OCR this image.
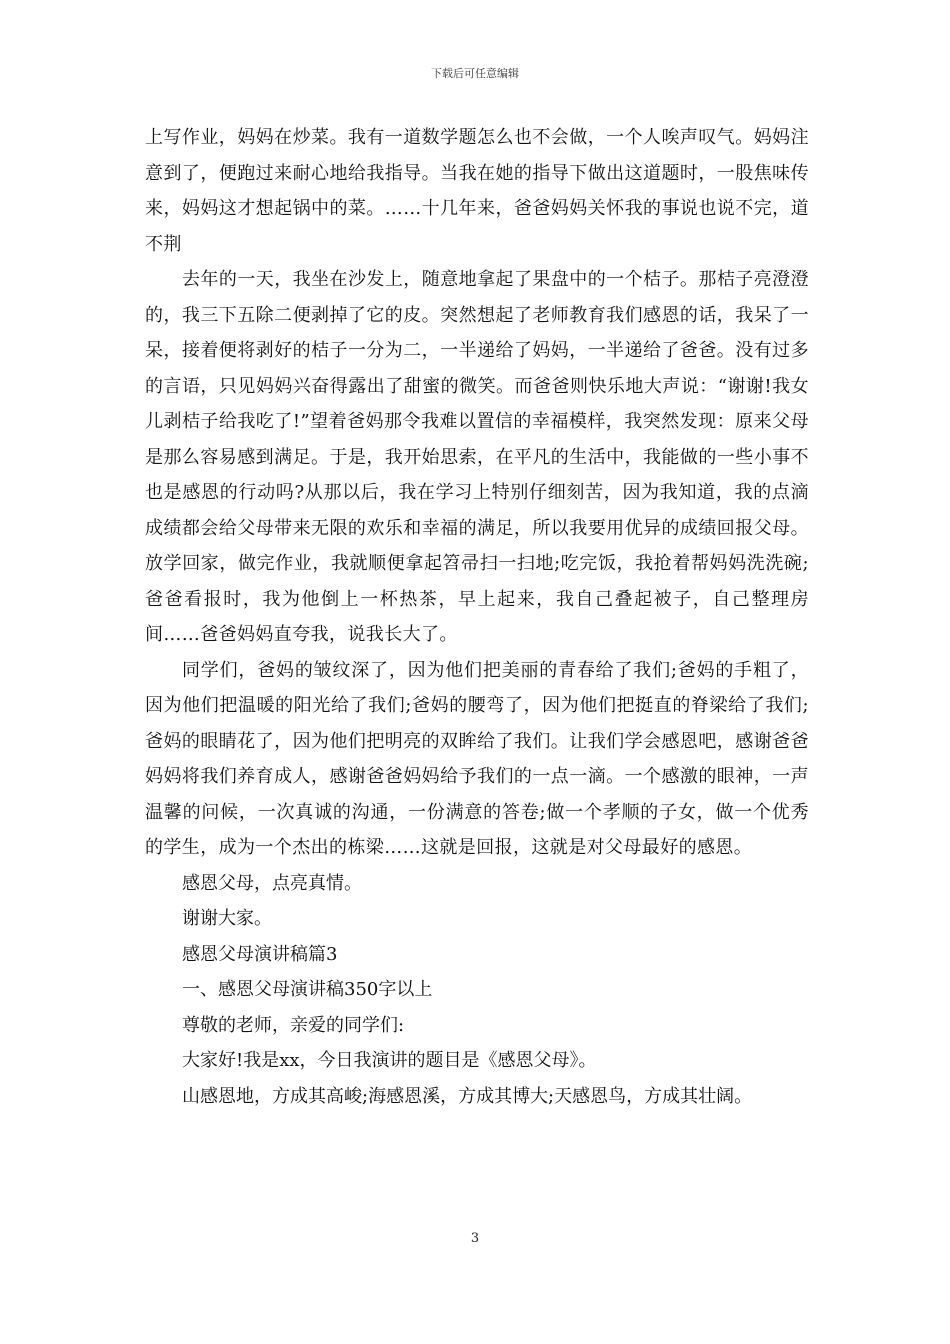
下载后可任意编辑

上写作业，妈妈在炒菜。我有一道数学题怎么也不会做，一个人唉声叹气。妈妈注意到了，便跑过来耐心地给我指导。当我在她的指导下做出这道题时，一股焦味传来，妈妈这才想起锅中的菜。……十几年来，爸爸妈妈关怀我的事说也说不完，道不荆

去年的一天，我坐在沙发上，随意地拿起了果盘中的一个桔子。那桔子亮澄澄的，我三下五除二便剥掉了它的皮。突然想起了老师教育我们感恩的话，我呆了一呆，接着便将剥好的桔子一分为二，一半递给了妈妈，一半递给了爸爸。没有过多的言语，只见妈妈兴奋得露出了甜蜜的微笑。而爸爸则快乐地大声说：“谢谢!我女儿剥桔子给我吃了!”望着爸妈那令我难以置信的幸福模样，我突然发现：原来父母是那么容易感到满足。于是，我开始思索，在平凡的生活中，我能做的一些小事不也是感恩的行动吗?从那以后，我在学习上特别仔细刻苦，因为我知道，我的点滴成绩都会给父母带来无限的欢乐和幸福的满足，所以我要用优异的成绩回报父母。放学回家，做完作业，我就顺便拿起笤帚扫一扫地;吃完饭，我抢着帮妈妈洗洗碗;爸爸看报时，我为他倒上一杯热茶，早上起来，我自己叠起被子，自己整理房间……爸爸妈妈直夸我，说我长大了。

同学们，爸妈的皱纹深了，因为他们把美丽的青春给了我们;爸妈的手粗了，因为他们把温暖的阳光给了我们;爸妈的腰弯了，因为他们把挺直的脊梁给了我们;爸妈的眼睛花了，因为他们把明亮的双眸给了我们。让我们学会感恩吧，感谢爸爸妈妈将我们养育成人，感谢爸爸妈妈给予我们的一点一滴。一个感激的眼神，一声温馨的问候，一次真诚的沟通，一份满意的答卷;做一个孝顺的子女，做一个优秀的学生，成为一个杰出的栋梁……这就是回报，这就是对父母最好的感恩。

感恩父母，点亮真情。

谢谢大家。

感恩父母演讲稿篇3

一、感恩父母演讲稿350字以上

尊敬的老师，亲爱的同学们:

大家好!我是xx，今日我演讲的题目是《感恩父母》。

山感恩地，方成其高峻;海感恩溪，方成其博大;天感恩鸟，方成其壮阔。

3
